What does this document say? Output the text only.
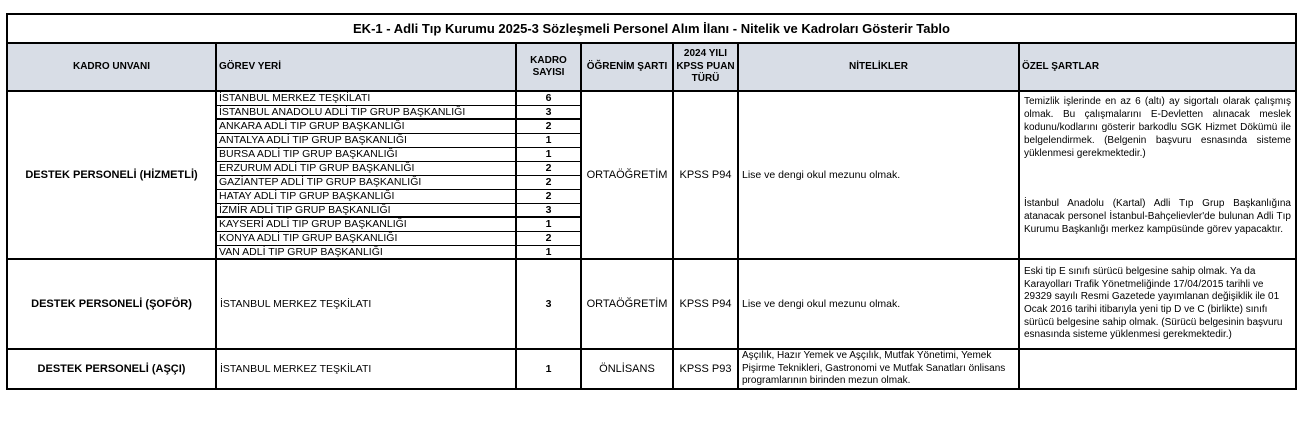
EK-1 - Adli Tıp Kurumu 2025-3 Sözleşmeli Personel Alım İlanı - Nitelik ve Kadroları Gösterir Tablo						
KADRO UNVANI	GÖREV YERİ	KADRO SAYISI	ÖĞRENİM ŞARTI	2024 YILI KPSS PUAN TÜRÜ	NİTELİKLER	ÖZEL ŞARTLAR
DESTEK PERSONELİ (HİZMETLİ)	İSTANBUL MERKEZ TEŞKİLATI	6	ORTAÖĞRETİM	KPSS P94	Lise ve dengi okul mezunu olmak.	Temizlik işlerinde en az 6 (altı) ay sigortalı olarak çalışmış olmak. Bu çalışmalarını E-Devletten alınacak meslek kodunu/kodlarını gösterir barkodlu SGK Hizmet Dökümü ile belgelendirmek. (Belgenin başvuru esnasında sisteme yüklenmesi gerekmektedir.)

İstanbul Anadolu (Kartal) Adli Tıp Grup Başkanlığına atanacak personel İstanbul-Bahçelievler'de bulunan Adli Tıp Kurumu Başkanlığı merkez kampüsünde görev yapacaktır.

	İSTANBUL ANADOLU ADLİ TIP GRUP BAŞKANLIĞI	3				
	ANKARA ADLİ TIP GRUP BAŞKANLIĞI	2				
	ANTALYA ADLİ TIP GRUP BAŞKANLIĞI	1				
	BURSA ADLİ TIP GRUP BAŞKANLIĞI	1				
	ERZURUM ADLİ TIP GRUP BAŞKANLIĞI	2				
	GAZİANTEP ADLİ TIP GRUP BAŞKANLIĞI	2				
	HATAY ADLİ TIP GRUP BAŞKANLIĞI	2				
	İZMİR ADLİ TIP GRUP BAŞKANLIĞI	3				
	KAYSERİ ADLİ TIP GRUP BAŞKANLIĞI	1				
	KONYA ADLİ TIP GRUP BAŞKANLIĞI	2				
	VAN ADLİ TIP GRUP BAŞKANLIĞI	1				
DESTEK PERSONELİ (ŞOFÖR)	İSTANBUL MERKEZ TEŞKİLATI	3	ORTAÖĞRETİM	KPSS P94	Lise ve dengi okul mezunu olmak.	Eski tip E sınıfı sürücü belgesine sahip olmak. Ya da Karayolları Trafik Yönetmeliğinde 17/04/2015 tarihli ve 29329 sayılı Resmi Gazetede yayımlanan değişiklik ile 01 Ocak 2016 tarihi itibarıyla yeni tip D ve C (birlikte) sınıfı sürücü belgesine sahip olmak. (Sürücü belgesinin başvuru esnasında sisteme yüklenmesi gerekmektedir.)

DESTEK PERSONELİ (AŞÇI)	İSTANBUL MERKEZ TEŞKİLATI	1	ÖNLİSANS	KPSS P93	Aşçılık, Hazır Yemek ve Aşçılık, Mutfak Yönetimi, Yemek Pişirme Teknikleri, Gastronomi ve Mutfak Sanatları önlisans programlarının birinden mezun olmak.	
